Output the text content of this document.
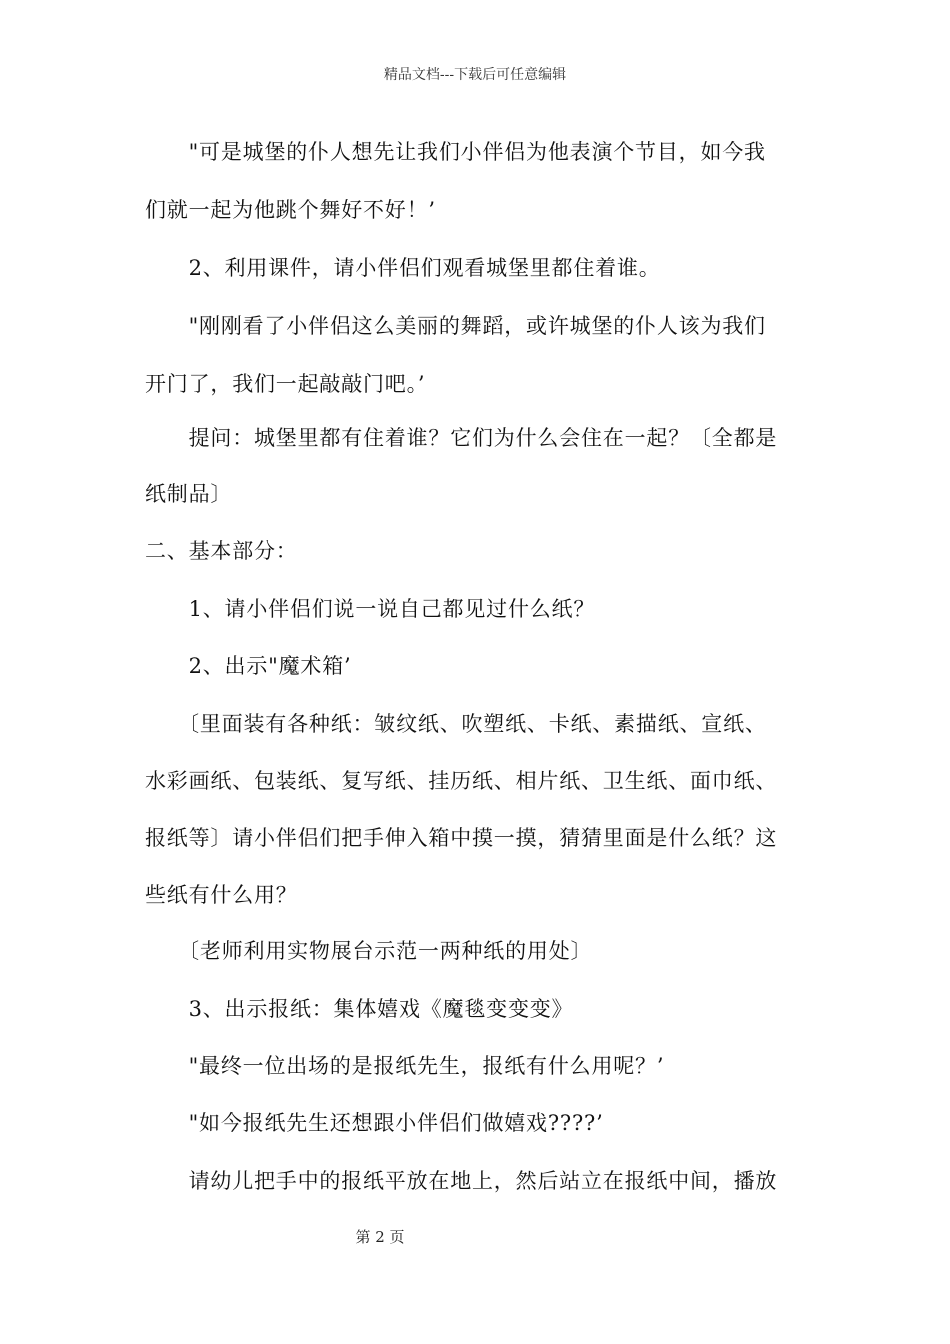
精品文档---下载后可任意编辑

　　"可是城堡的仆人想先让我们小伴侣为他表演个节目，如今我

们就一起为他跳个舞好不好！’

　　2、利用课件，请小伴侣们观看城堡里都住着谁。

　　"刚刚看了小伴侣这么美丽的舞蹈，或许城堡的仆人该为我们

开门了，我们一起敲敲门吧。’

　　提问：城堡里都有住着谁？它们为什么会住在一起？〔全都是

纸制品〕

二、基本部分：

　　1、请小伴侣们说一说自己都见过什么纸？

　　2、出示"魔术箱’

　　〔里面装有各种纸：皱纹纸、吹塑纸、卡纸、素描纸、宣纸、

水彩画纸、包装纸、复写纸、挂历纸、相片纸、卫生纸、面巾纸、

报纸等〕请小伴侣们把手伸入箱中摸一摸，猜猜里面是什么纸？这

些纸有什么用？

　　〔老师利用实物展台示范一两种纸的用处〕

　　3、出示报纸：集体嬉戏《魔毯变变变》

　　"最终一位出场的是报纸先生，报纸有什么用呢？’

　　"如今报纸先生还想跟小伴侣们做嬉戏????’

　　请幼儿把手中的报纸平放在地上，然后站立在报纸中间，播放

第 2 页
